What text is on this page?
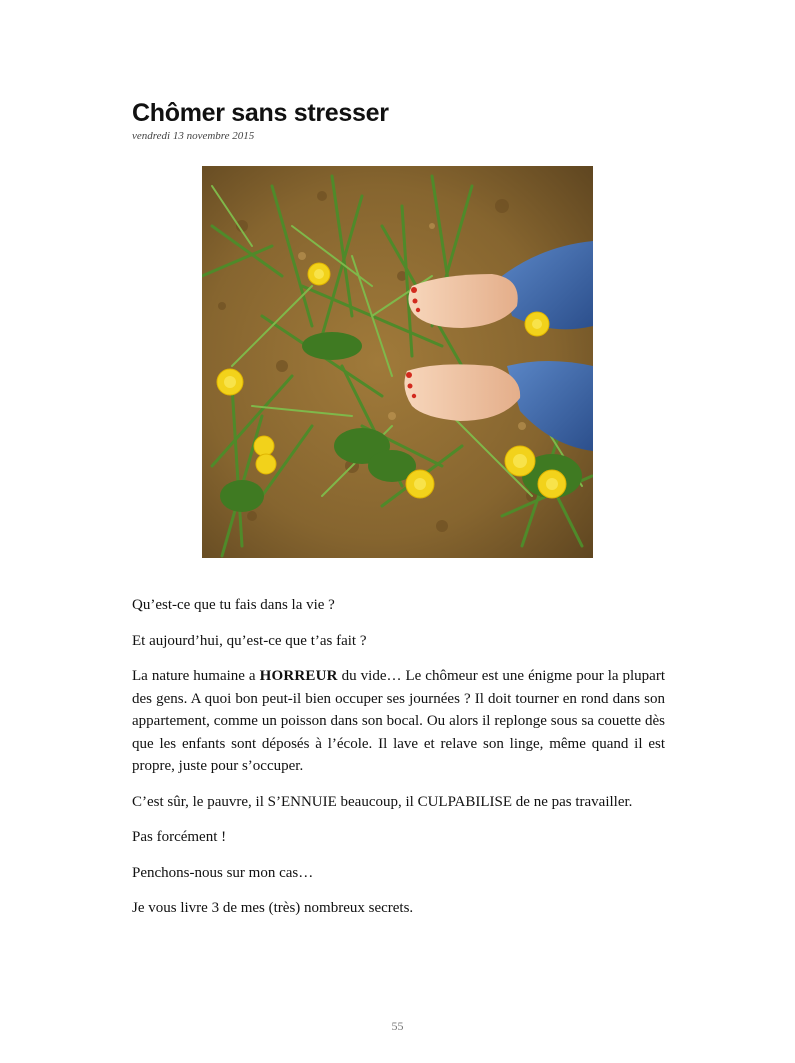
Chômer sans stresser
vendredi 13 novembre 2015

Qu’est-ce que tu fais dans la vie ?

Et aujourd’hui, qu’est-ce que t’as fait ?

La nature humaine a HORREUR du vide… Le chômeur est une énigme pour la plupart des gens. A quoi bon peut-il bien occuper ses journées ? Il doit tourner en rond dans son appartement, comme un poisson dans son bocal. Ou alors il replonge sous sa couette dès que les enfants sont déposés à l’école. Il lave et relave son linge, même quand il est propre, juste pour s’occuper.

C’est sûr, le pauvre, il S’ENNUIE beaucoup, il CULPABILISE de ne pas travailler.

Pas forcément !

Penchons-nous sur mon cas…

Je vous livre 3 de mes (très) nombreux secrets.

55
